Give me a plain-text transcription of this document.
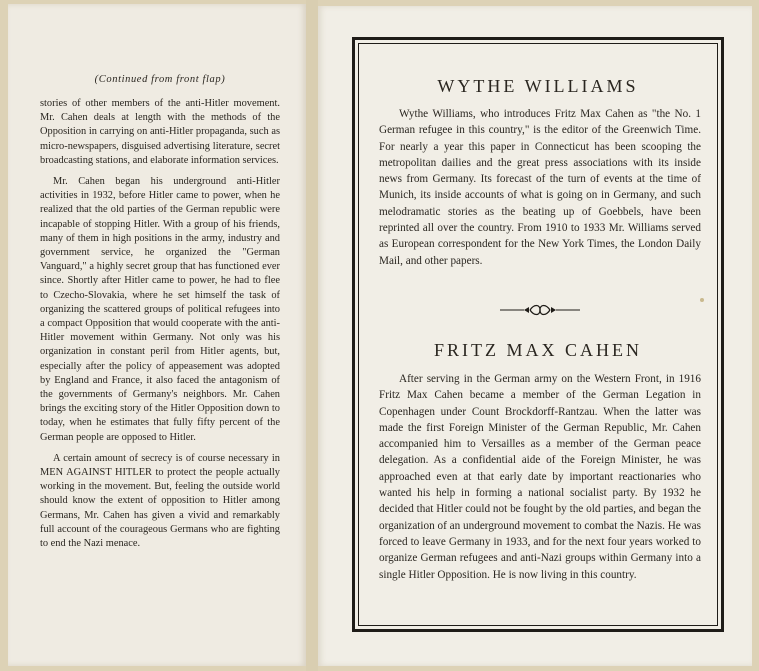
(Continued from front flap)

stories of other members of the anti-Hitler movement. Mr. Cahen deals at length with the methods of the Opposition in carrying on anti-Hitler propaganda, such as micro-newspapers, disguised advertising literature, secret broadcasting stations, and elaborate information services.

Mr. Cahen began his underground anti-Hitler activities in 1932, before Hitler came to power, when he realized that the old parties of the German republic were incapable of stopping Hitler. With a group of his friends, many of them in high positions in the army, industry and government service, he organized the "German Vanguard," a highly secret group that has functioned ever since. Shortly after Hitler came to power, he had to flee to Czecho-Slovakia, where he set himself the task of organizing the scattered groups of political refugees into a compact Opposition that would cooperate with the anti-Hitler movement within Germany. Not only was his organization in constant peril from Hitler agents, but, especially after the policy of appeasement was adopted by England and France, it also faced the antagonism of the governments of Germany's neighbors. Mr. Cahen brings the exciting story of the Hitler Opposition down to today, when he estimates that fully fifty percent of the German people are opposed to Hitler.

A certain amount of secrecy is of course necessary in MEN AGAINST HITLER to protect the people actually working in the movement. But, feeling the outside world should know the extent of opposition to Hitler among Germans, Mr. Cahen has given a vivid and remarkably full account of the courageous Germans who are fighting to end the Nazi menace.

WYTHE WILLIAMS

Wythe Williams, who introduces Fritz Max Cahen as "the No. 1 German refugee in this country," is the editor of the Greenwich Time. For nearly a year this paper in Connecticut has been scooping the metropolitan dailies and the great press associations with its inside news from Germany. Its forecast of the turn of events at the time of Munich, its inside accounts of what is going on in Germany, and such melodramatic stories as the beating up of Goebbels, have been reprinted all over the country. From 1910 to 1933 Mr. Williams served as European correspondent for the New York Times, the London Daily Mail, and other papers.

FRITZ MAX CAHEN

After serving in the German army on the Western Front, in 1916 Fritz Max Cahen became a member of the German Legation in Copenhagen under Count Brockdorff-Rantzau. When the latter was made the first Foreign Minister of the German Republic, Mr. Cahen accompanied him to Versailles as a member of the German peace delegation. As a confidential aide of the Foreign Minister, he was approached even at that early date by important reactionaries who wanted his help in forming a national socialist party. By 1932 he decided that Hitler could not be fought by the old parties, and began the organization of an underground movement to combat the Nazis. He was forced to leave Germany in 1933, and for the next four years worked to organize German refugees and anti-Nazi groups within Germany into a single Hitler Opposition. He is now living in this country.
